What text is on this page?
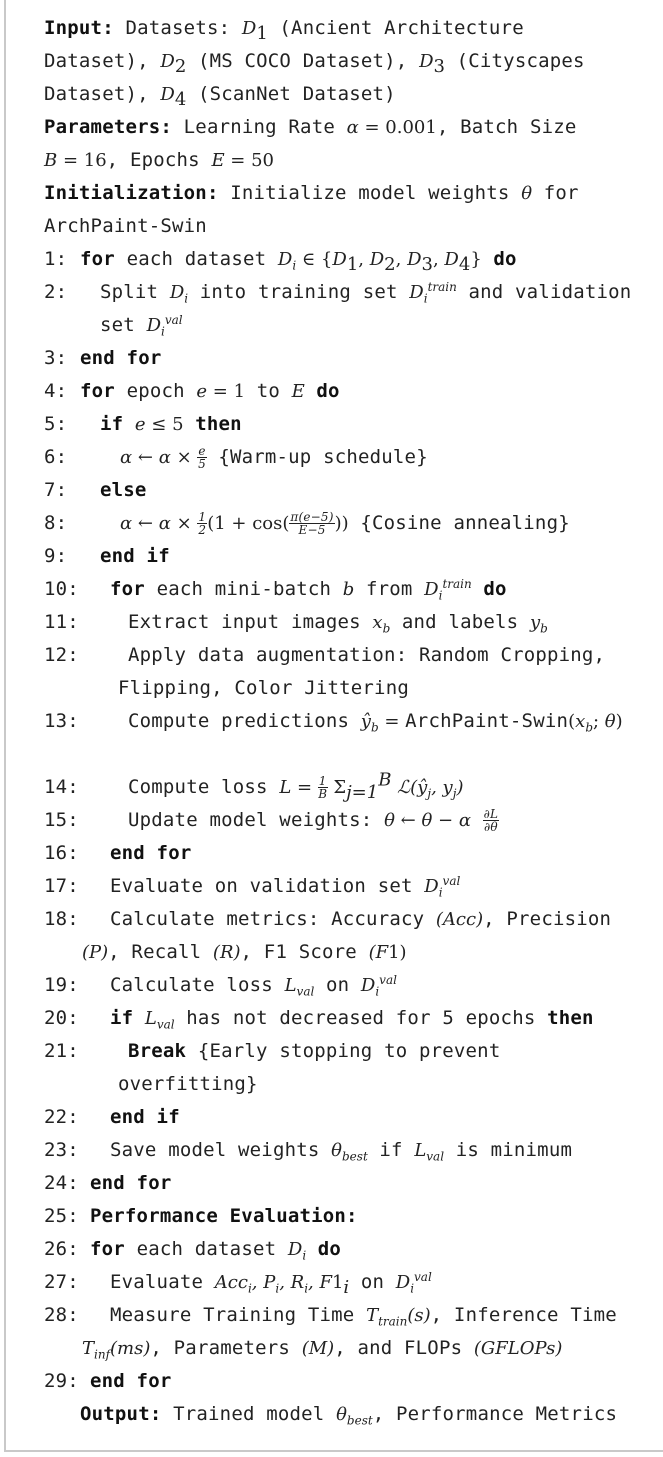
Input: Datasets: $D_1$ (Ancient Architecture
Dataset), $D_2$ (MS COCO Dataset), $D_3$ (Cityscapes
Dataset), $D_4$ (ScanNet Dataset)
Parameters: Learning Rate α = 0.001, Batch Size
B = 16, Epochs E = 50
Initialization: Initialize model weights θ for
ArchPaint-Swin
1: for each dataset $D_i$ ∈ {$D_1$, $D_2$, $D_3$, $D_4$} do
2: Split $D_i$ into training set $D_i^{train}$ and validation
set $D_i^{val}$
3: end for
4: for epoch e = 1 to E do
5: if e ≤ 5 then
6:	α ← $\alpha \times \frac{e}{5}$ {Warm-up schedule}
7: else
8:	α ← $\alpha \times \frac{1}{2} (1 + \cos( \frac{\pi(e-5)}{E-5}$ )) {Cosine annealing}
9: end if
10: for each mini-batch b from $D_i^{train}$ do
11:	Extract input images $x_b$ and labels $y_b$
12:	Apply data augmentation: Random Cropping,
Flipping, Color Jittering
13:	Compute predictions $ŷ_b$ = ArchPaint-$Swin(x_b$; θ)
14:	Compute loss $L = \frac{1}{B} \Sigma_{j=1}^B$ $ℒ(ŷ_j$, $y_j$)
15:	Update model weights: θ ← θ − α $\frac{\partial L}{\partial\theta}$
16: end for
17: Evaluate on validation set $D_i^{val}$
18: Calculate metrics: Accuracy (Acc), Precision
(P), Recall (R), F1 Score (F1)
19: Calculate loss $L_{val}$ on $D_i^{val}$
20: if $L_{val}$ has not decreased for 5 epochs then
21:	Break {Early stopping to prevent
overfitting}
22: end if
23: Save model weights $\theta_{best}$ if $L_{val}$ is minimum
24: end for
25: Performance Evaluation:
26: for each dataset $D_i$ do
27: Evaluate Acc$_i$, $P_i$, $R_i$, $F1_i$ on $D_i^{val}$
28: Measure Training Time $T_{train}(s)$, Inference Time
$T_{inf}(ms)$, Parameters (M), and FLOPs (GFLOPs)
29: end for
Output: Trained model $\theta_{best}$, Performance Metrics
